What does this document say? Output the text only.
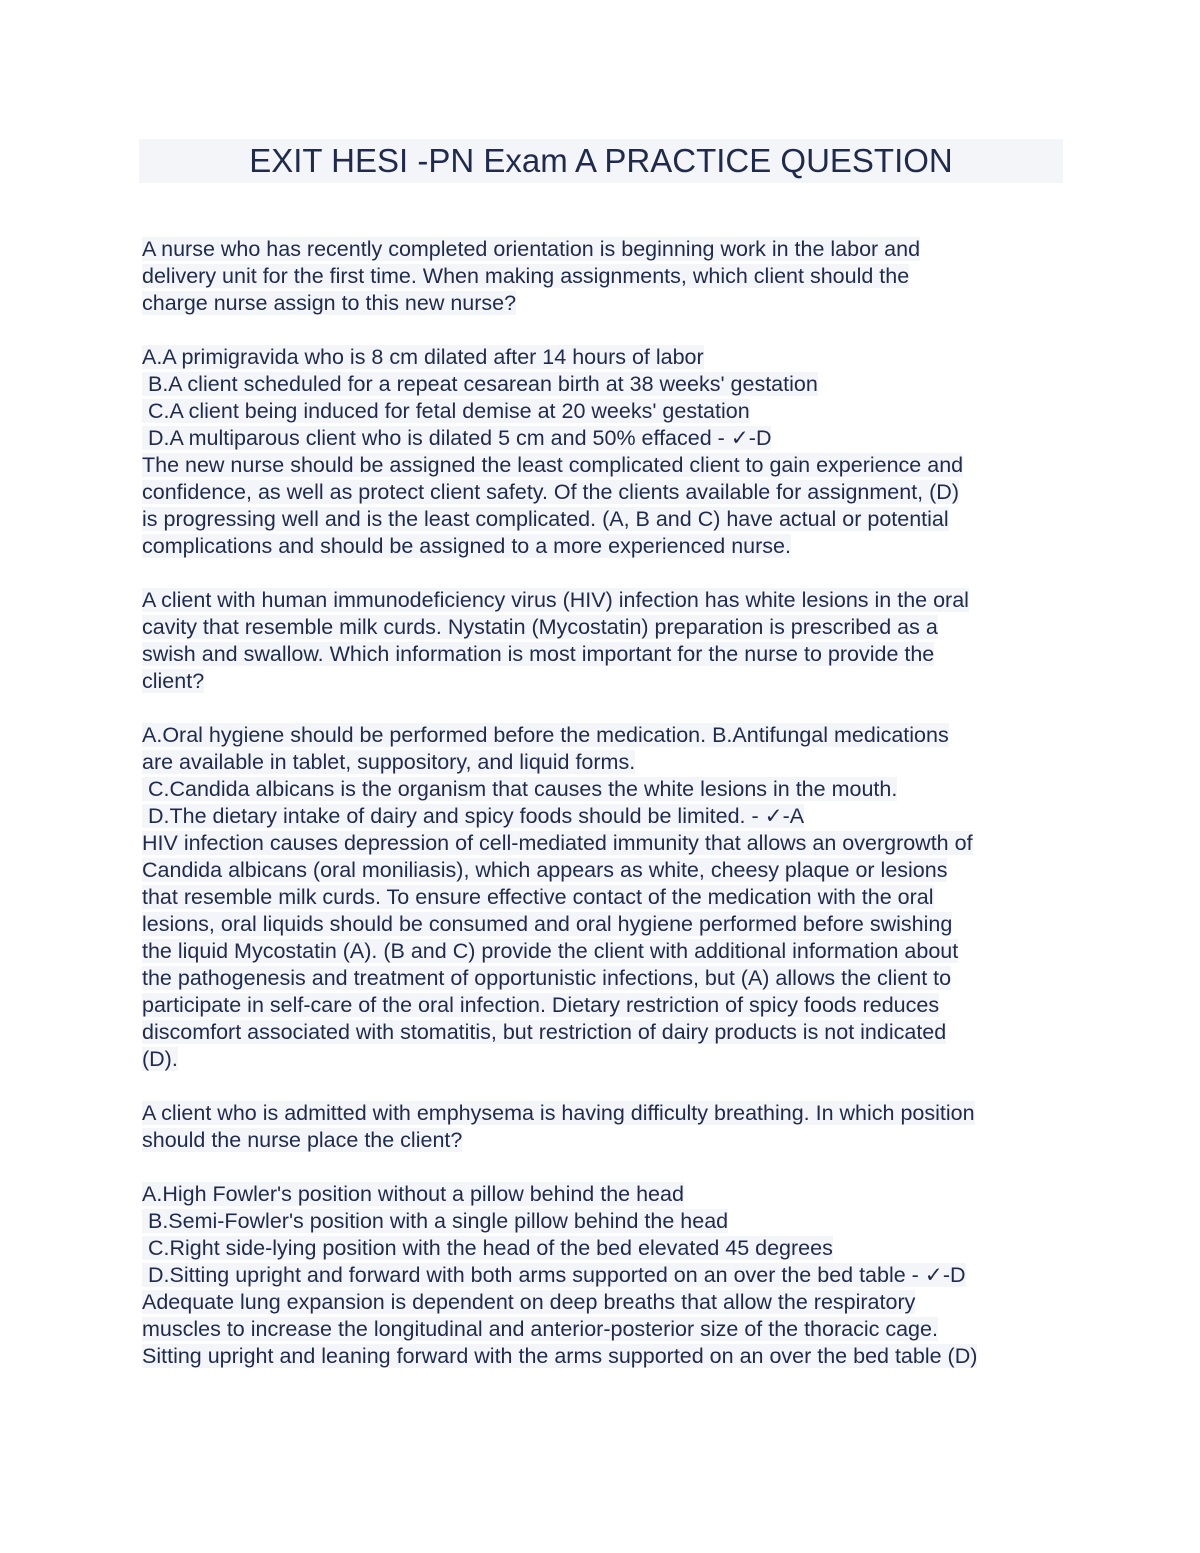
EXIT HESI -PN Exam A PRACTICE QUESTION
A nurse who has recently completed orientation is beginning work in the labor and
delivery unit for the first time. When making assignments, which client should the
charge nurse assign to this new nurse?
A.A primigravida who is 8 cm dilated after 14 hours of labor
B.A client scheduled for a repeat cesarean birth at 38 weeks' gestation
C.A client being induced for fetal demise at 20 weeks' gestation
D.A multiparous client who is dilated 5 cm and 50% effaced - ✓-D
The new nurse should be assigned the least complicated client to gain experience and
confidence, as well as protect client safety. Of the clients available for assignment, (D)
is progressing well and is the least complicated. (A, B and C) have actual or potential
complications and should be assigned to a more experienced nurse.
A client with human immunodeficiency virus (HIV) infection has white lesions in the oral
cavity that resemble milk curds. Nystatin (Mycostatin) preparation is prescribed as a
swish and swallow. Which information is most important for the nurse to provide the
client?
A.Oral hygiene should be performed before the medication. B.Antifungal medications
are available in tablet, suppository, and liquid forms.
C.Candida albicans is the organism that causes the white lesions in the mouth.
D.The dietary intake of dairy and spicy foods should be limited. - ✓-A
HIV infection causes depression of cell-mediated immunity that allows an overgrowth of
Candida albicans (oral moniliasis), which appears as white, cheesy plaque or lesions
that resemble milk curds. To ensure effective contact of the medication with the oral
lesions, oral liquids should be consumed and oral hygiene performed before swishing
the liquid Mycostatin (A). (B and C) provide the client with additional information about
the pathogenesis and treatment of opportunistic infections, but (A) allows the client to
participate in self-care of the oral infection. Dietary restriction of spicy foods reduces
discomfort associated with stomatitis, but restriction of dairy products is not indicated
(D).
A client who is admitted with emphysema is having difficulty breathing. In which position
should the nurse place the client?
A.High Fowler's position without a pillow behind the head
B.Semi-Fowler's position with a single pillow behind the head
C.Right side-lying position with the head of the bed elevated 45 degrees
D.Sitting upright and forward with both arms supported on an over the bed table - ✓-D
Adequate lung expansion is dependent on deep breaths that allow the respiratory
muscles to increase the longitudinal and anterior-posterior size of the thoracic cage.
Sitting upright and leaning forward with the arms supported on an over the bed table (D)
